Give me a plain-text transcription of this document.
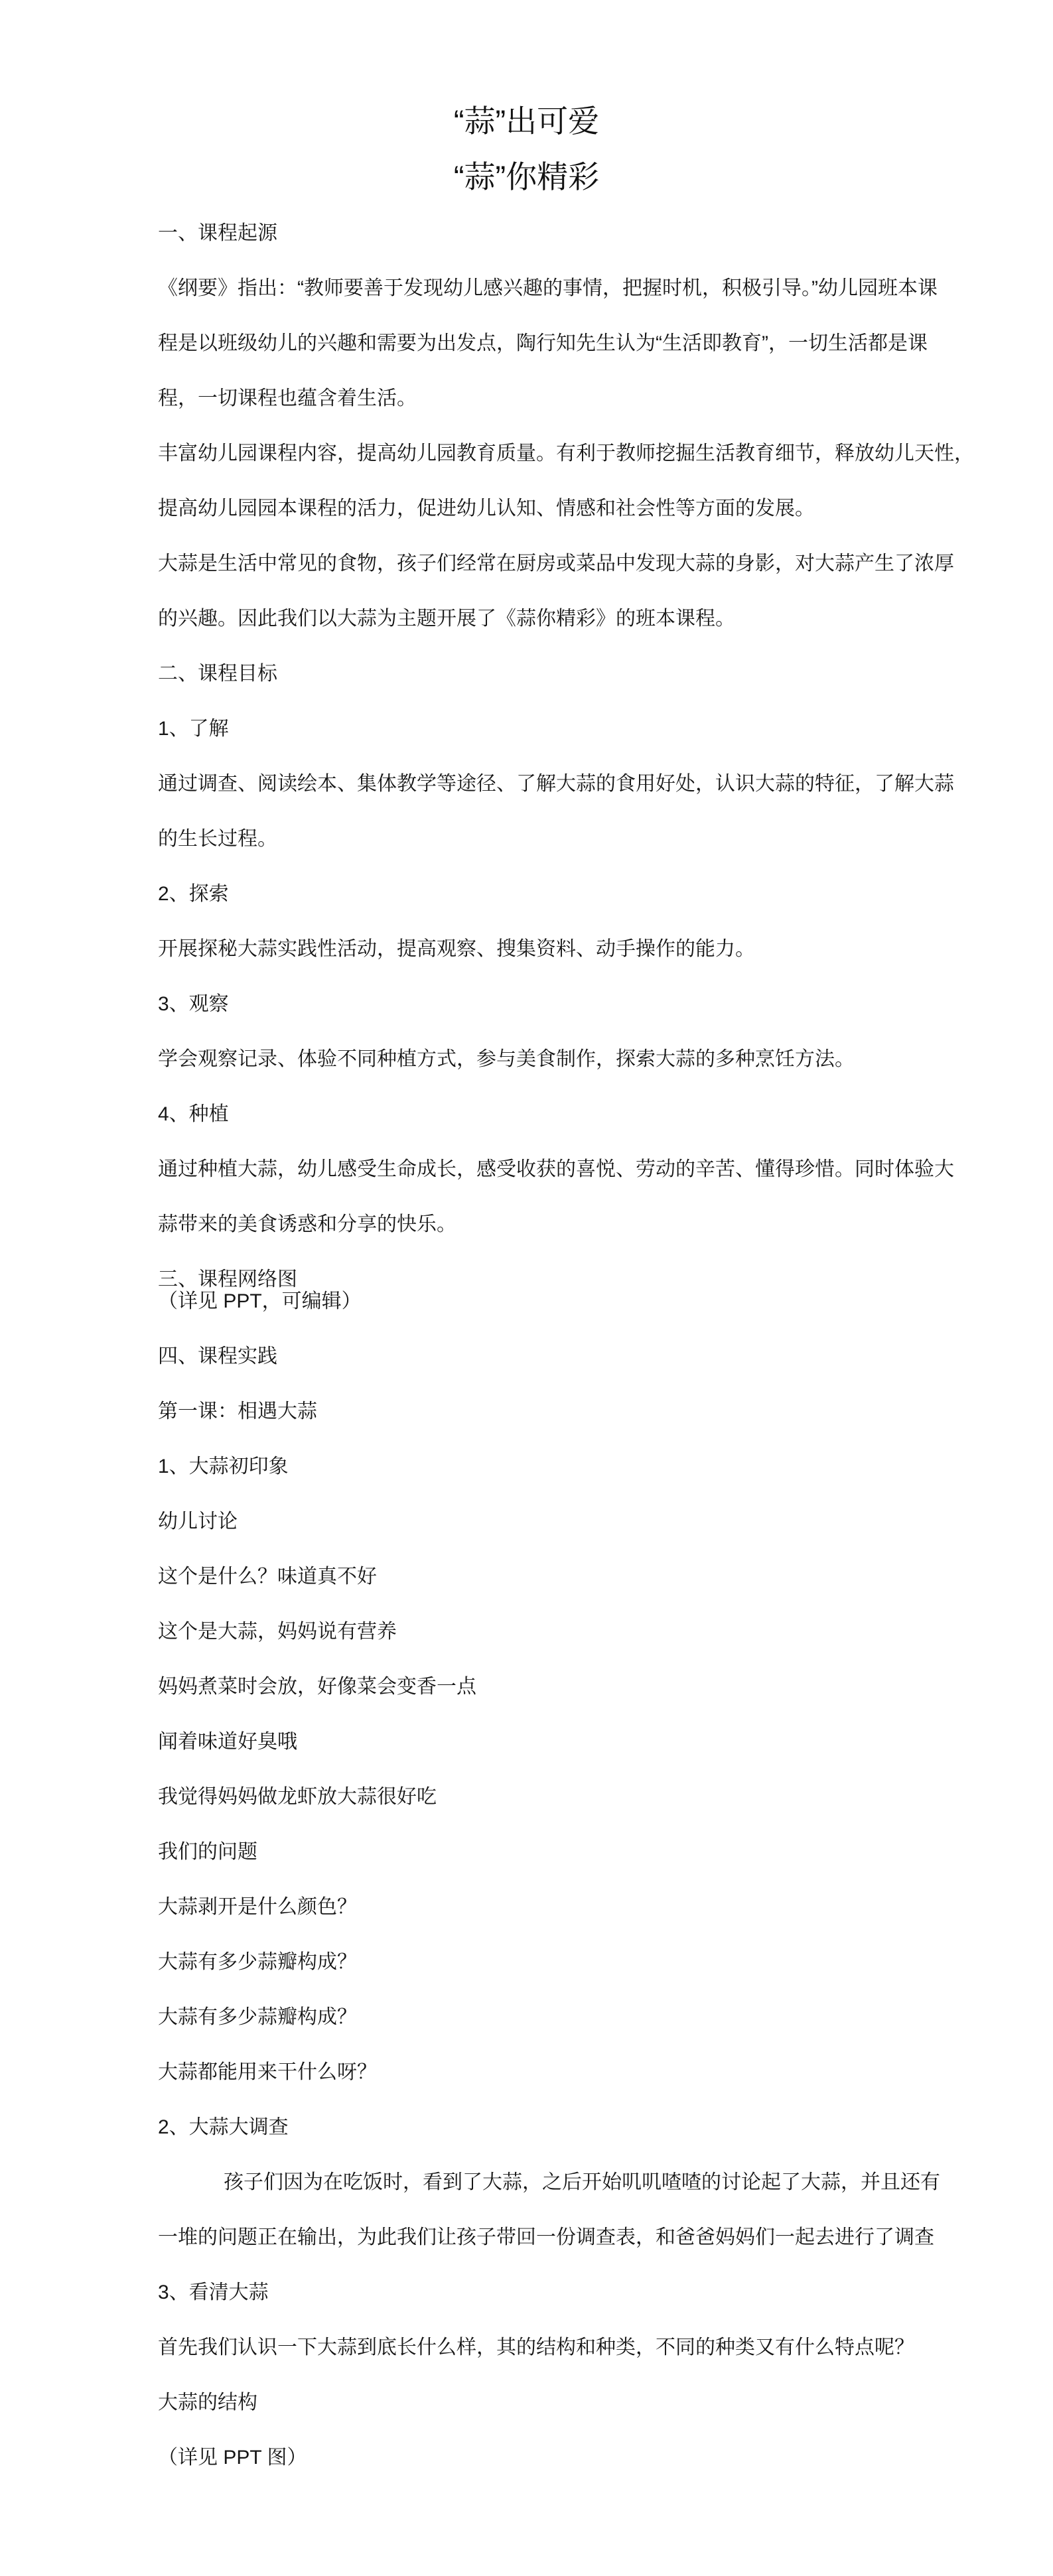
“蒜”出可爱
“蒜”你精彩
一、课程起源
《纲要》指出：“教师要善于发现幼儿感兴趣的事情，把握时机，积极引导。”幼儿园班本课
程是以班级幼儿的兴趣和需要为出发点，陶行知先生认为“生活即教育”，一切生活都是课
程，一切课程也蕴含着生活。
丰富幼儿园课程内容，提高幼儿园教育质量。有利于教师挖掘生活教育细节，释放幼儿天性，
提高幼儿园园本课程的活力，促进幼儿认知、情感和社会性等方面的发展。
大蒜是生活中常见的食物，孩子们经常在厨房或菜品中发现大蒜的身影，对大蒜产生了浓厚
的兴趣。因此我们以大蒜为主题开展了《蒜你精彩》的班本课程。
二、课程目标
1、了解
通过调查、阅读绘本、集体教学等途径、了解大蒜的食用好处，认识大蒜的特征，了解大蒜
的生长过程。
2、探索
开展探秘大蒜实践性活动，提高观察、搜集资料、动手操作的能力。
3、观察
学会观察记录、体验不同种植方式，参与美食制作，探索大蒜的多种烹饪方法。
4、种植
通过种植大蒜，幼儿感受生命成长，感受收获的喜悦、劳动的辛苦、懂得珍惜。同时体验大
蒜带来的美食诱惑和分享的快乐。
三、课程网络图
（详见 PPT，可编辑）
四、课程实践
第一课：相遇大蒜
1、大蒜初印象
幼儿讨论
这个是什么？味道真不好
这个是大蒜，妈妈说有营养
妈妈煮菜时会放，好像菜会变香一点
闻着味道好臭哦
我觉得妈妈做龙虾放大蒜很好吃
我们的问题
大蒜剥开是什么颜色？
大蒜有多少蒜瓣构成？
大蒜有多少蒜瓣构成？
大蒜都能用来干什么呀？
2、大蒜大调查
孩子们因为在吃饭时，看到了大蒜，之后开始叽叽喳喳的讨论起了大蒜，并且还有
一堆的问题正在输出，为此我们让孩子带回一份调查表，和爸爸妈妈们一起去进行了调查
3、看清大蒜
首先我们认识一下大蒜到底长什么样，其的结构和种类，不同的种类又有什么特点呢？
大蒜的结构
（详见 PPT 图）
